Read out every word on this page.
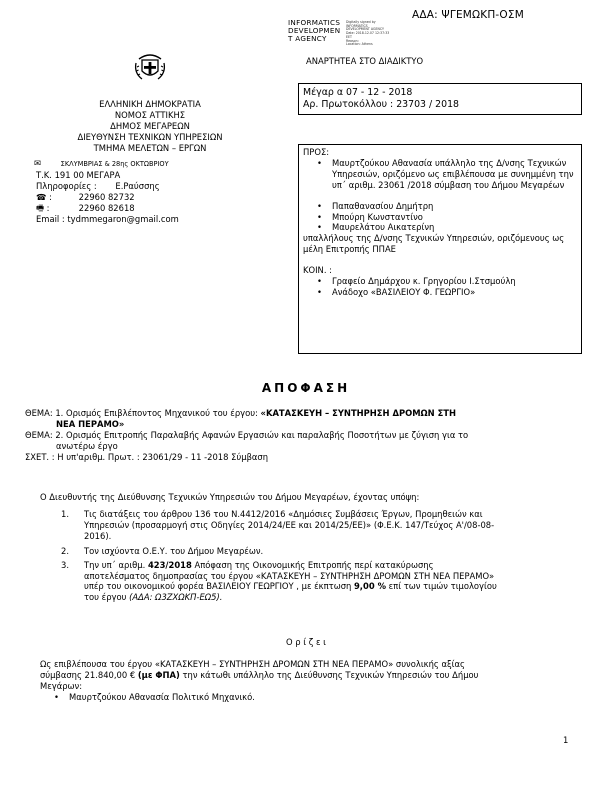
ΑΔΑ: ΨΓΕΜΩΚΠ-ΟΣΜ
INFORMATICS
DEVELOPMEN
T AGENCY
Digitally signed by
INFORMATICS
DEVELOPMENT AGENCY
Date: 2018.12.07 12:37:33
EET
Reason:
Location: Athens
ΑΝΑΡΤΗΤΕΑ ΣΤΟ ΔΙΑΔΙΚΤΥΟ
ΕΛΛΗΝΙΚΗ ΔΗΜΟΚΡΑΤΙΑ
ΝΟΜΟΣ ΑΤΤΙΚΗΣ
ΔΗΜΟΣ ΜΕΓΑΡΕΩΝ
ΔΙΕΥΘΥΝΣΗ ΤΕΧΝΙΚΩΝ ΥΠΗΡΕΣΙΩΝ
ΤΜΗΜΑ ΜΕΛΕΤΩΝ – ΕΡΓΩΝ
✉	ΣΚΛΥΜΒΡΙΑΣ & 28ης ΟΚΤΩΒΡΙΟΥ
Τ.Κ. 191 00 ΜΕΓΑΡΑ
Πληροφορίες : Ε.Ραύσσης
☎ :	22960 82732
🖷 :	22960 82618
Email : tydmmegaron@gmail.com
Μέγαρ α 07 - 12 - 2018
Αρ. Πρωτοκόλλου : 23703 / 2018
ΠΡΟΣ:
• Μαυρτζούκου Αθανασία υπάλληλο της Δ/νσης Τεχνικών Υπηρεσιών, οριζόμενο ως επιβλέπουσα με συνημμένη την υπ΄ αριθμ. 23061 /2018 σύμβαση του Δήμου Μεγαρέων
• Παπαθανασίου Δημήτρη
• Μπούρη Κωνσταντίνο
• Μαυρελάτου Αικατερίνη
υπαλλήλους της Δ/νσης Τεχνικών Υπηρεσιών, οριζόμενους ως μέλη Επιτροπής ΠΠΑΕ
ΚΟΙΝ. :
• Γραφείο Δημάρχου κ. Γρηγορίου Ι.Στσμούλη
• Ανάδοχο «ΒΑΣΙΛΕΙΟΥ Φ. ΓΕΩΡΓΙΟ»
ΑΠΟΦΑΣΗ
ΘΕΜΑ: 1. Ορισμός Επιβλέποντος Μηχανικού του έργου: «ΚΑΤΑΣΚΕΥΗ – ΣΥΝΤΗΡΗΣΗ ΔΡΟΜΩΝ ΣΤΗ
ΝΕΑ ΠΕΡΑΜΟ»
ΘΕΜΑ: 2. Ορισμός Επιτροπής Παραλαβής Αφανών Εργασιών και παραλαβής Ποσοτήτων με ζύγιση για το
ανωτέρω έργο
ΣΧΕΤ. : Η υπ'αριθμ. Πρωτ. : 23061/29 - 11 -2018 Σύμβαση
Ο Διευθυντής της Διεύθυνσης Τεχνικών Υπηρεσιών του Δήμου Μεγαρέων, έχοντας υπόψη:
1. Τις διατάξεις του άρθρου 136 του Ν.4412/2016 «Δημόσιες Συμβάσεις Έργων, Προμηθειών και
Υπηρεσιών (προσαρμογή στις Οδηγίες 2014/24/ΕΕ και 2014/25/ΕΕ)» (Φ.Ε.Κ. 147/Τεύχος Α'/08-08-
2016).
2. Τον ισχύοντα Ο.Ε.Υ. του Δήμου Μεγαρέων.
3. Την υπ΄ αριθμ. 423/2018 Απόφαση της Οικονομικής Επιτροπής περί κατακύρωσης
αποτελέσματος δημοπρασίας του έργου «ΚΑΤΑΣΚΕΥΗ – ΣΥΝΤΗΡΗΣΗ ΔΡΟΜΩΝ ΣΤΗ ΝΕΑ ΠΕΡΑΜΟ»
υπέρ του οικονομικού φορέα ΒΑΣΙΛΕΙΟΥ ΓΕΩΡΓΙΟΥ , με έκπτωση 9,00 % επί των τιμών τιμολογίου
του έργου (ΑΔΑ: Ω3ΖΧΩΚΠ-ΕΩ5).
Ο ρ ί ζ ε ι
Ως επιβλέπουσα του έργου «ΚΑΤΑΣΚΕΥΗ – ΣΥΝΤΗΡΗΣΗ ΔΡΟΜΩΝ ΣΤΗ ΝΕΑ ΠΕΡΑΜΟ» συνολικής αξίας
σύμβασης 21.840,00 € (με ΦΠΑ) την κάτωθι υπάλληλο της Διεύθυνσης Τεχνικών Υπηρεσιών του Δήμου
Μεγάρων:
• Μαυρτζούκου Αθανασία Πολιτικό Μηχανικό.
1
